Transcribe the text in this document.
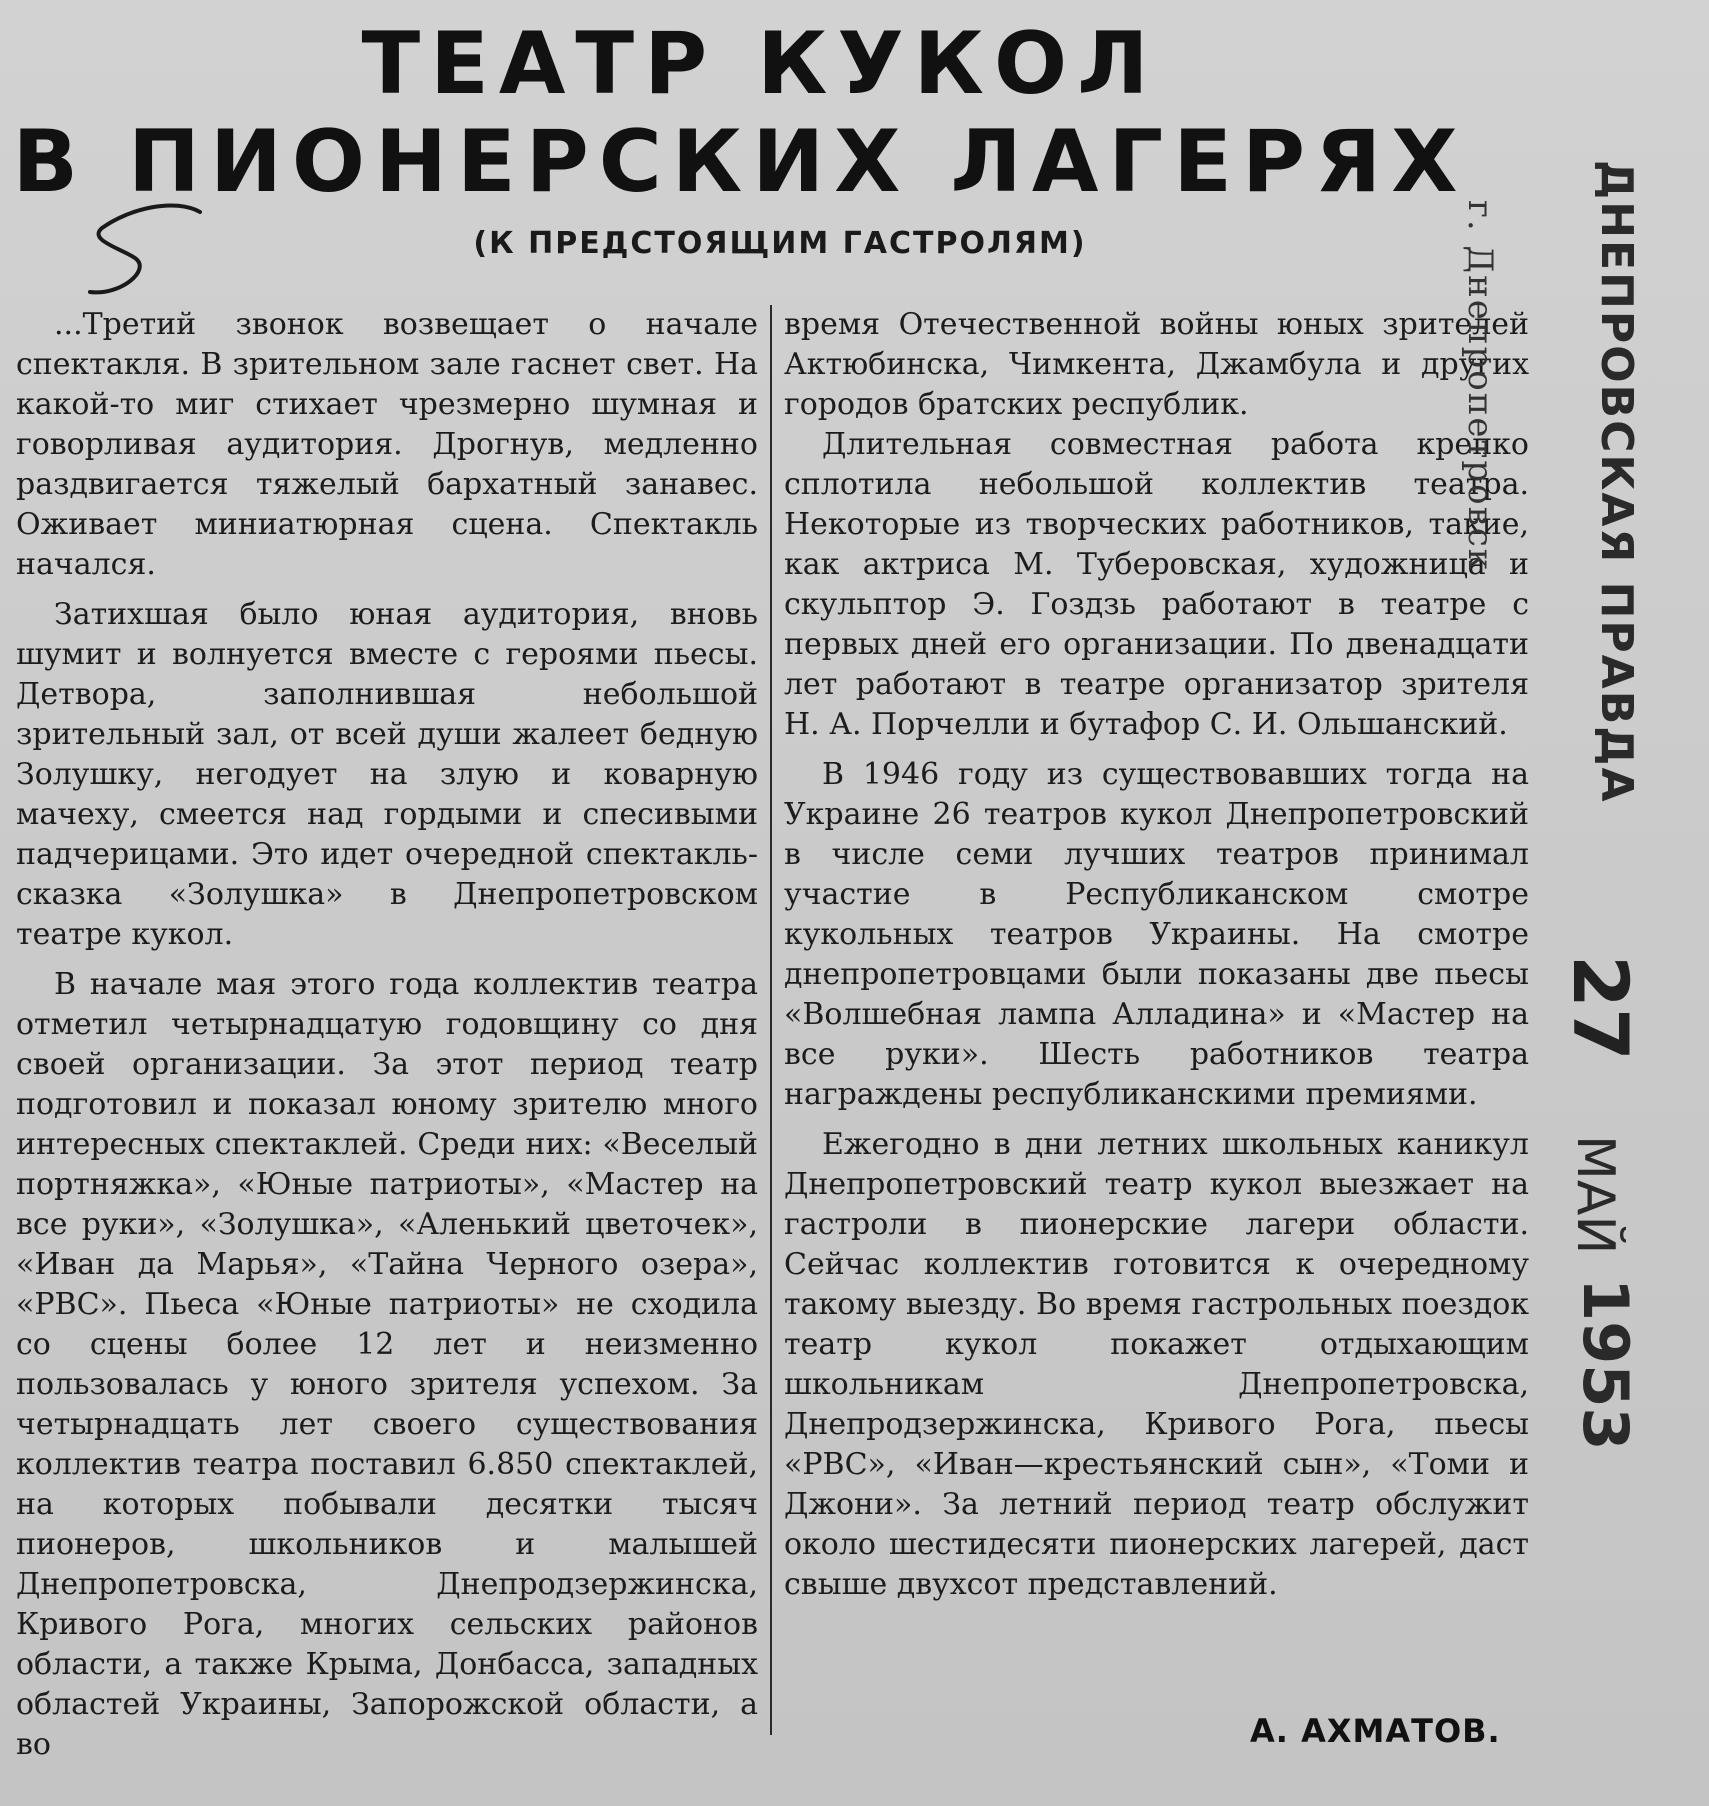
ТЕАТР КУКОЛ
В ПИОНЕРСКИХ ЛАГЕРЯХ
(К ПРЕДСТОЯЩИМ ГАСТРОЛЯМ)

...Третий звонок возвещает о начале спектакля. В зрительном зале гаснет свет. На какой-то миг стихает чрезмерно шумная и говорливая аудитория. Дрогнув, медленно раздвигается тяжелый бархатный занавес. Оживает миниатюрная сцена. Спектакль начался.

Затихшая было юная аудитория, вновь шумит и волнуется вместе с героями пьесы. Детвора, заполнившая небольшой зрительный зал, от всей души жалеет бедную Золушку, негодует на злую и коварную мачеху, смеется над гордыми и спесивыми падчерицами. Это идет очередной спектакль-сказка «Золушка» в Днепропетровском театре кукол.

В начале мая этого года коллектив театра отметил четырнадцатую годовщину со дня своей организации. За этот период театр подготовил и показал юному зрителю много интересных спектаклей. Среди них: «Веселый портняжка», «Юные патриоты», «Мастер на все руки», «Золушка», «Аленький цветочек», «Иван да Марья», «Тайна Черного озера», «РВС». Пьеса «Юные патриоты» не сходила со сцены более 12 лет и неизменно пользовалась у юного зрителя успехом. За четырнадцать лет своего существования коллектив театра поставил 6.850 спектаклей, на которых побывали десятки тысяч пионеров, школьников и малышей Днепропетровска, Днепродзержинска, Кривого Рога, многих сельских районов области, а также Крыма, Донбасса, западных областей Украины, Запорожской области, а во

время Отечественной войны юных зрителей Актюбинска, Чимкента, Джамбула и других городов братских республик.

Длительная совместная работа крепко сплотила небольшой коллектив театра. Некоторые из творческих работников, такие, как актриса М. Туберовская, художница и скульптор Э. Гоздзь работают в театре с первых дней его организации. По двенадцати лет работают в театре организатор зрителя Н. А. Порчелли и бутафор С. И. Ольшанский.

В 1946 году из существовавших тогда на Украине 26 театров кукол Днепропетровский в числе семи лучших театров принимал участие в Республиканском смотре кукольных театров Украины. На смотре днепропетровцами были показаны две пьесы «Волшебная лампа Алладина» и «Мастер на все руки». Шесть работников театра награждены республиканскими премиями.

Ежегодно в дни летних школьных каникул Днепропетровский театр кукол выезжает на гастроли в пионерские лагери области. Сейчас коллектив готовится к очередному такому выезду. Во время гастрольных поездок театр кукол покажет отдыхающим школьникам Днепропетровска, Днепродзержинска, Кривого Рога, пьесы «РВС», «Иван—крестьянский сын», «Томи и Джони». За летний период театр обслужит около шестидесяти пионерских лагерей, даст свыше двухсот представлений.

А. АХМАТОВ.
г. Днепропетровск ДНЕПРОВСКАЯ ПРАВДА
27
МАЙ
1953
